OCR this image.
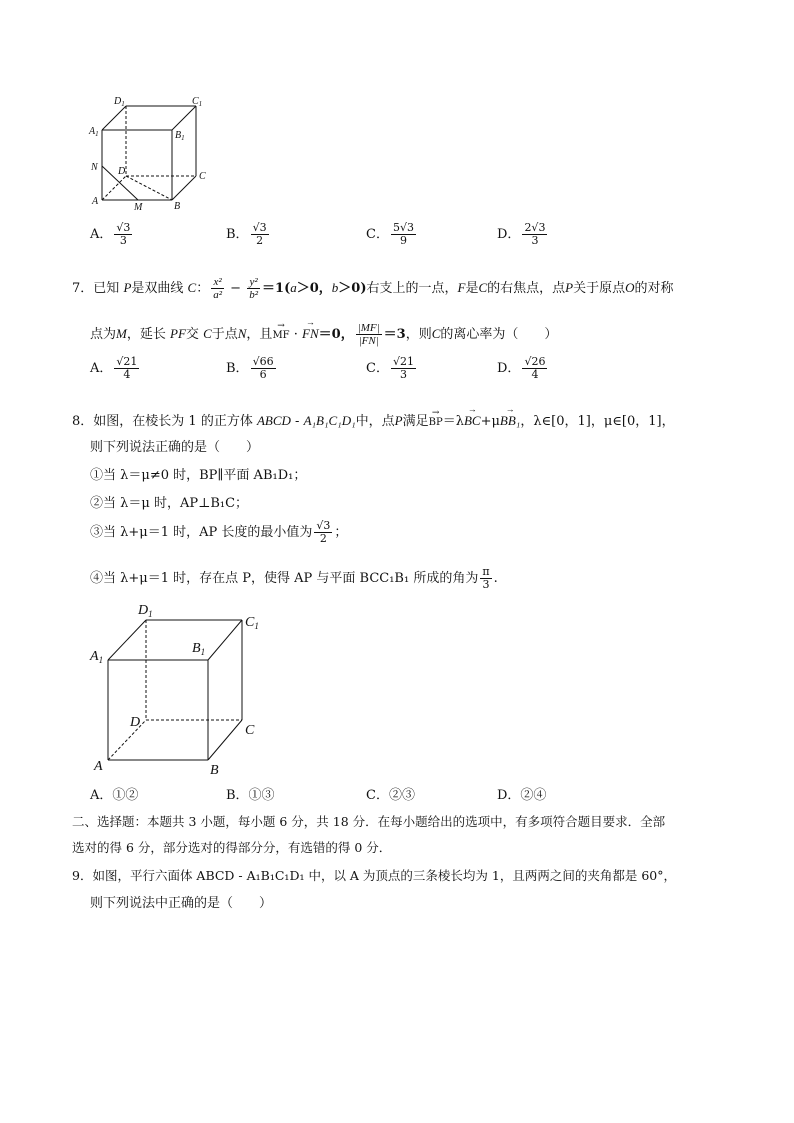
$D_1$	$C_1$
$A_1$	$B_1$
N D	C
A
M	B
A． $\frac{√3}{3}$	B． $\frac{√3}{2}$	C． $\frac{5√3}{9}$	D． $\frac{2√3}{3}$
7．已知 P是双曲线 C： $\frac{\text{x²}}{\text{a²}} - \frac{\text{y²}}{\text{b²}} =1(a>0$，b＞0)右支上的一点，F是C的右焦点，点P关于原点O的对称
点为M，延长 PF交 C于点N，且→ MF · → FN＝0， $\frac{|MF|}{|FN|} =3$，则C的离心率为（　　）
A． $\frac{√21}{4}$	B． $\frac{√66}{6}$	C． $\frac{√21}{3}$	D． $\frac{√26}{4}$
8．如图，在棱长为 1 的正方体 ABCD - A₁B₁C₁D₁中，点P满足→ BP＝λ→ BC+μ→ BB₁，λ∈[0，1]，μ∈[0，1]，
则下列说法正确的是（　　）
①当 λ＝μ≠0 时，BP∥平面 AB₁D₁；
②当 λ＝μ 时，AP⊥B₁C；
③当 λ+μ＝1 时，AP 长度的最小值为 $\frac{√3}{2}$ ；
④当 λ+μ＝1 时，存在点 P，使得 AP 与平面 BCC₁B₁ 所成的角为 $\frac{\pi}{3}$ .
$D_1$
$C_1$
$A_1$
$B_1$
D
C
A	B
A．①②	B．①③	C．②③	D．②④
二、选择题：本题共 3 小题，每小题 6 分，共 18 分．在每小题给出的选项中，有多项符合题目要求．全部
选对的得 6 分，部分选对的得部分分，有选错的得 0 分．
9．如图，平行六面体 ABCD - A₁B₁C₁D₁ 中，以 A 为顶点的三条棱长均为 1，且两两之间的夹角都是 60°，
则下列说法中正确的是（　　）
